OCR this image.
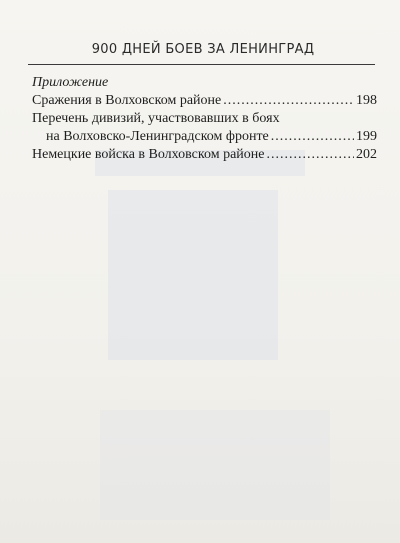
900 ДНЕЙ БОЕВ ЗА ЛЕНИНГРАД
Приложение
Сражения в Волховском районе .....	198
Перечень дивизий, участвовавших в боях
на Волховско-Ленинградском фронте .....	199
Немецкие войска в Волховском районе .....	202
